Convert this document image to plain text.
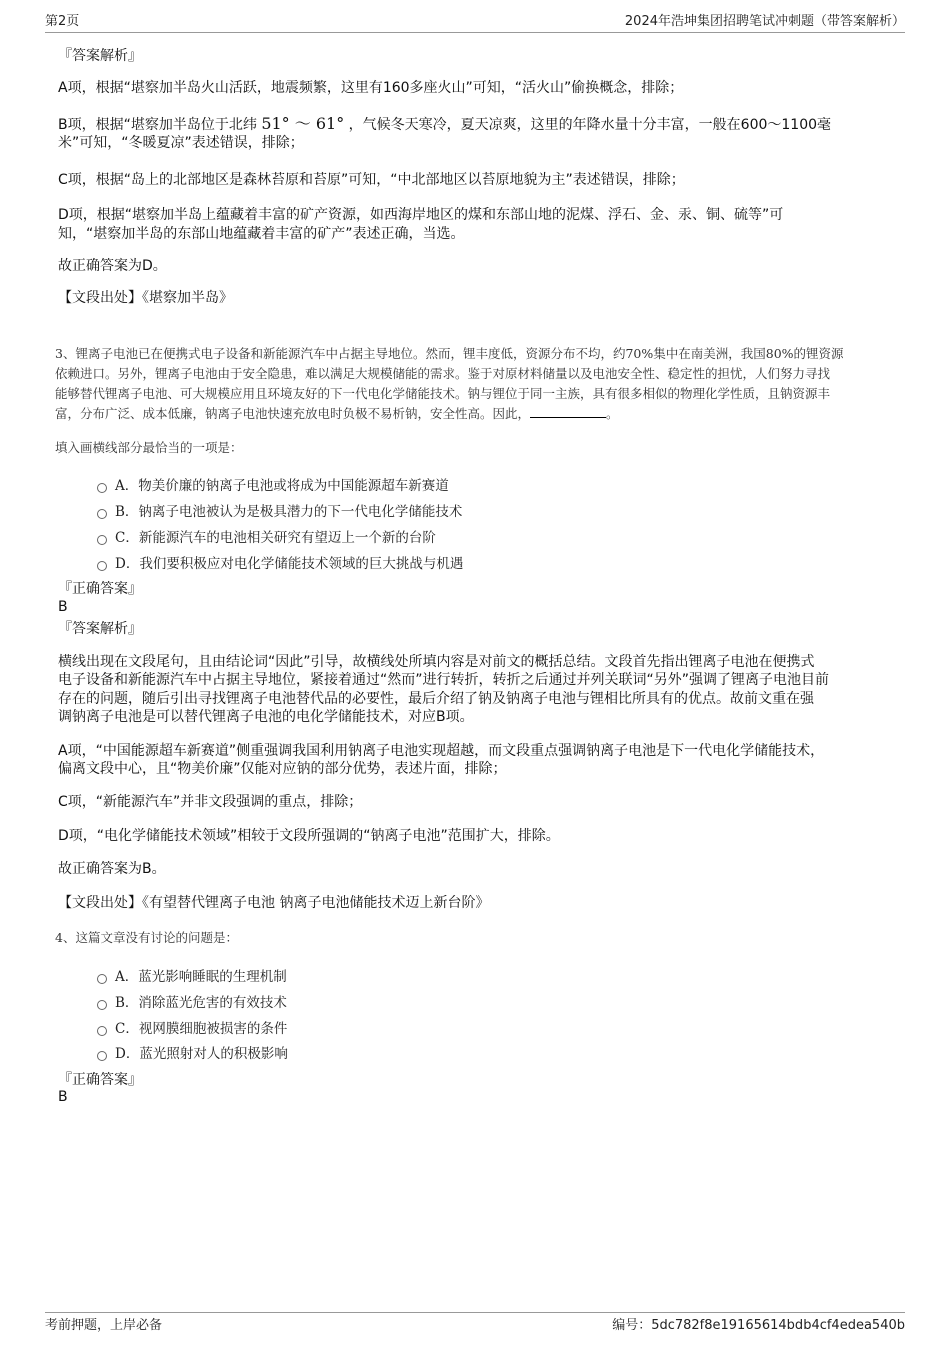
第2页	2024年浩坤集团招聘笔试冲刺题（带答案解析）
『答案解析』
A项，根据“堪察加半岛火山活跃，地震频繁，这里有160多座火山”可知，“活火山”偷换概念，排除；
B项，根据“堪察加半岛位于北纬 51° ～ 61° ，气候冬天寒冷，夏天凉爽，这里的年降水量十分丰富，一般在600～1100毫
米”可知，“冬暖夏凉”表述错误，排除；
C项，根据“岛上的北部地区是森林苔原和苔原”可知，“中北部地区以苔原地貌为主”表述错误，排除；
D项，根据“堪察加半岛上蕴藏着丰富的矿产资源，如西海岸地区的煤和东部山地的泥煤、浮石、金、汞、铜、硫等”可
知，“堪察加半岛的东部山地蕴藏着丰富的矿产”表述正确，当选。
故正确答案为D。
【文段出处】《堪察加半岛》
3、锂离子电池已在便携式电子设备和新能源汽车中占据主导地位。然而，锂丰度低，资源分布不均，约70%集中在南美洲，我国80%的锂资源
依赖进口。另外，锂离子电池由于安全隐患，难以满足大规模储能的需求。鉴于对原材料储量以及电池安全性、稳定性的担忧，人们努力寻找
能够替代锂离子电池、可大规模应用且环境友好的下一代电化学储能技术。钠与锂位于同一主族，具有很多相似的物理化学性质，且钠资源丰
富，分布广泛、成本低廉，钠离子电池快速充放电时负极不易析钠，安全性高。因此，	。
填入画横线部分最恰当的一项是：
A．物美价廉的钠离子电池或将成为中国能源超车新赛道
B．钠离子电池被认为是极具潜力的下一代电化学储能技术
C．新能源汽车的电池相关研究有望迈上一个新的台阶
D．我们要积极应对电化学储能技术领域的巨大挑战与机遇
『正确答案』
B
『答案解析』
横线出现在文段尾句，且由结论词“因此”引导，故横线处所填内容是对前文的概括总结。文段首先指出锂离子电池在便携式
电子设备和新能源汽车中占据主导地位，紧接着通过“然而”进行转折，转折之后通过并列关联词“另外”强调了锂离子电池目前
存在的问题，随后引出寻找锂离子电池替代品的必要性，最后介绍了钠及钠离子电池与锂相比所具有的优点。故前文重在强
调钠离子电池是可以替代锂离子电池的电化学储能技术，对应B项。
A项，“中国能源超车新赛道”侧重强调我国利用钠离子电池实现超越，而文段重点强调钠离子电池是下一代电化学储能技术，
偏离文段中心，且“物美价廉”仅能对应钠的部分优势，表述片面，排除；
C项，“新能源汽车”并非文段强调的重点，排除；
D项，“电化学储能技术领域”相较于文段所强调的“钠离子电池”范围扩大，排除。
故正确答案为B。
【文段出处】《有望替代锂离子电池 钠离子电池储能技术迈上新台阶》
4、这篇文章没有讨论的问题是：
A．蓝光影响睡眠的生理机制
B．消除蓝光危害的有效技术
C．视网膜细胞被损害的条件
D．蓝光照射对人的积极影响
『正确答案』
B
考前押题，上岸必备	编号：5dc782f8e19165614bdb4cf4edea540b
